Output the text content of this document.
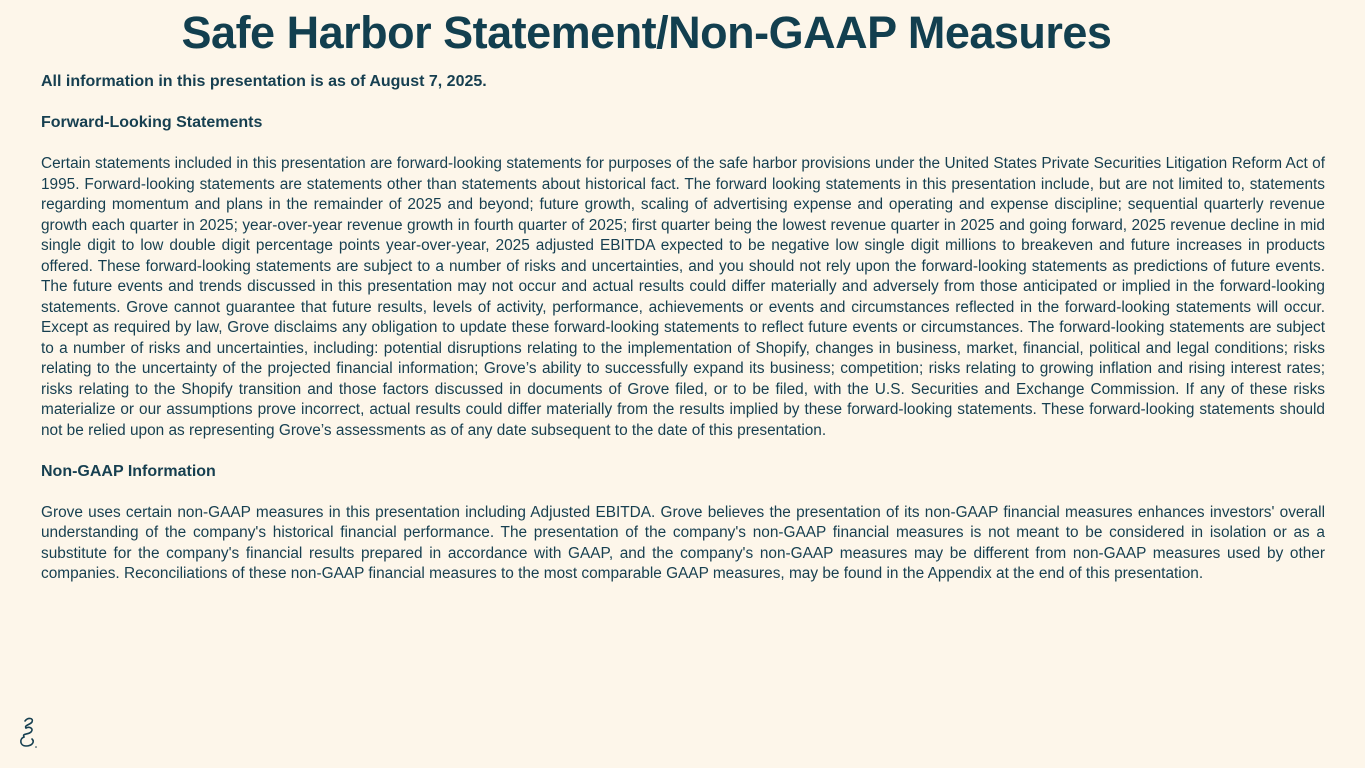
Safe Harbor Statement/Non-GAAP Measures

All information in this presentation is as of August 7, 2025.

Forward-Looking Statements

Certain statements included in this presentation are forward-looking statements for purposes of the safe harbor provisions under the United States Private Securities Litigation Reform Act of 1995. Forward-looking statements are statements other than statements about historical fact. The forward looking statements in this presentation include, but are not limited to, statements regarding momentum and plans in the remainder of 2025 and beyond; future growth, scaling of advertising expense and operating and expense discipline; sequential quarterly revenue growth each quarter in 2025; year-over-year revenue growth in fourth quarter of 2025; first quarter being the lowest revenue quarter in 2025 and going forward, 2025 revenue decline in mid single digit to low double digit percentage points year-over-year, 2025 adjusted EBITDA expected to be negative low single digit millions to breakeven and future increases in products offered. These forward-looking statements are subject to a number of risks and uncertainties, and you should not rely upon the forward-looking statements as predictions of future events. The future events and trends discussed in this presentation may not occur and actual results could differ materially and adversely from those anticipated or implied in the forward-looking statements. Grove cannot guarantee that future results, levels of activity, performance, achievements or events and circumstances reflected in the forward-looking statements will occur. Except as required by law, Grove disclaims any obligation to update these forward-looking statements to reflect future events or circumstances. The forward-looking statements are subject to a number of risks and uncertainties, including: potential disruptions relating to the implementation of Shopify, changes in business, market, financial, political and legal conditions; risks relating to the uncertainty of the projected financial information; Grove’s ability to successfully expand its business; competition; risks relating to growing inflation and rising interest rates; risks relating to the Shopify transition and those factors discussed in documents of Grove filed, or to be filed, with the U.S. Securities and Exchange Commission. If any of these risks materialize or our assumptions prove incorrect, actual results could differ materially from the results implied by these forward-looking statements. These forward-looking statements should not be relied upon as representing Grove’s assessments as of any date subsequent to the date of this presentation.

Non-GAAP Information

Grove uses certain non-GAAP measures in this presentation including Adjusted EBITDA. Grove believes the presentation of its non-GAAP financial measures enhances investors' overall understanding of the company's historical financial performance. The presentation of the company's non-GAAP financial measures is not meant to be considered in isolation or as a substitute for the company's financial results prepared in accordance with GAAP, and the company's non-GAAP measures may be different from non-GAAP measures used by other companies. Reconciliations of these non-GAAP financial measures to the most comparable GAAP measures, may be found in the Appendix at the end of this presentation.
